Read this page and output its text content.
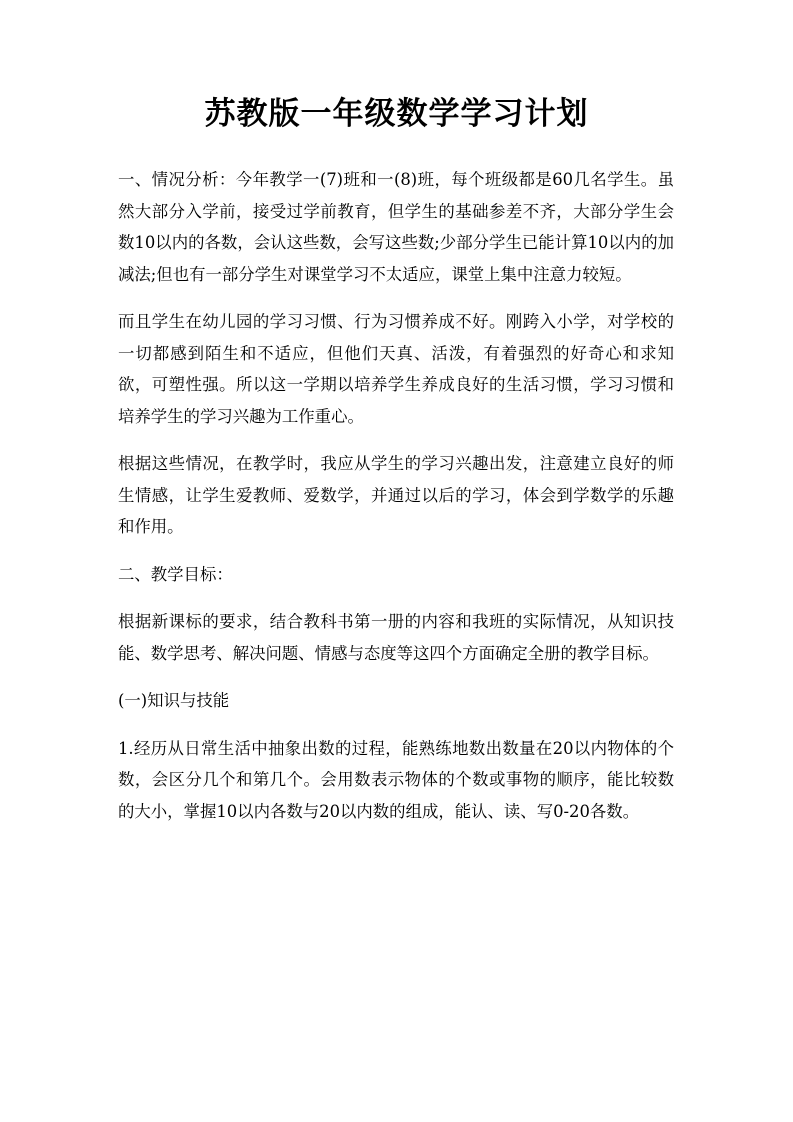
苏教版一年级数学学习计划

一、情况分析：今年教学一(7)班和一(8)班，每个班级都是60几名学生。虽然大部分入学前，接受过学前教育，但学生的基础参差不齐，大部分学生会数10以内的各数，会认这些数，会写这些数;少部分学生已能计算10以内的加减法;但也有一部分学生对课堂学习不太适应，课堂上集中注意力较短。

而且学生在幼儿园的学习习惯、行为习惯养成不好。刚跨入小学，对学校的一切都感到陌生和不适应，但他们天真、活泼，有着强烈的好奇心和求知欲，可塑性强。所以这一学期以培养学生养成良好的生活习惯，学习习惯和培养学生的学习兴趣为工作重心。

根据这些情况，在教学时，我应从学生的学习兴趣出发，注意建立良好的师生情感，让学生爱教师、爱数学，并通过以后的学习，体会到学数学的乐趣和作用。

二、教学目标：

根据新课标的要求，结合教科书第一册的内容和我班的实际情况，从知识技能、数学思考、解决问题、情感与态度等这四个方面确定全册的教学目标。

(一)知识与技能

1.经历从日常生活中抽象出数的过程，能熟练地数出数量在20以内物体的个数，会区分几个和第几个。会用数表示物体的个数或事物的顺序，能比较数的大小，掌握10以内各数与20以内数的组成，能认、读、写0-20各数。
